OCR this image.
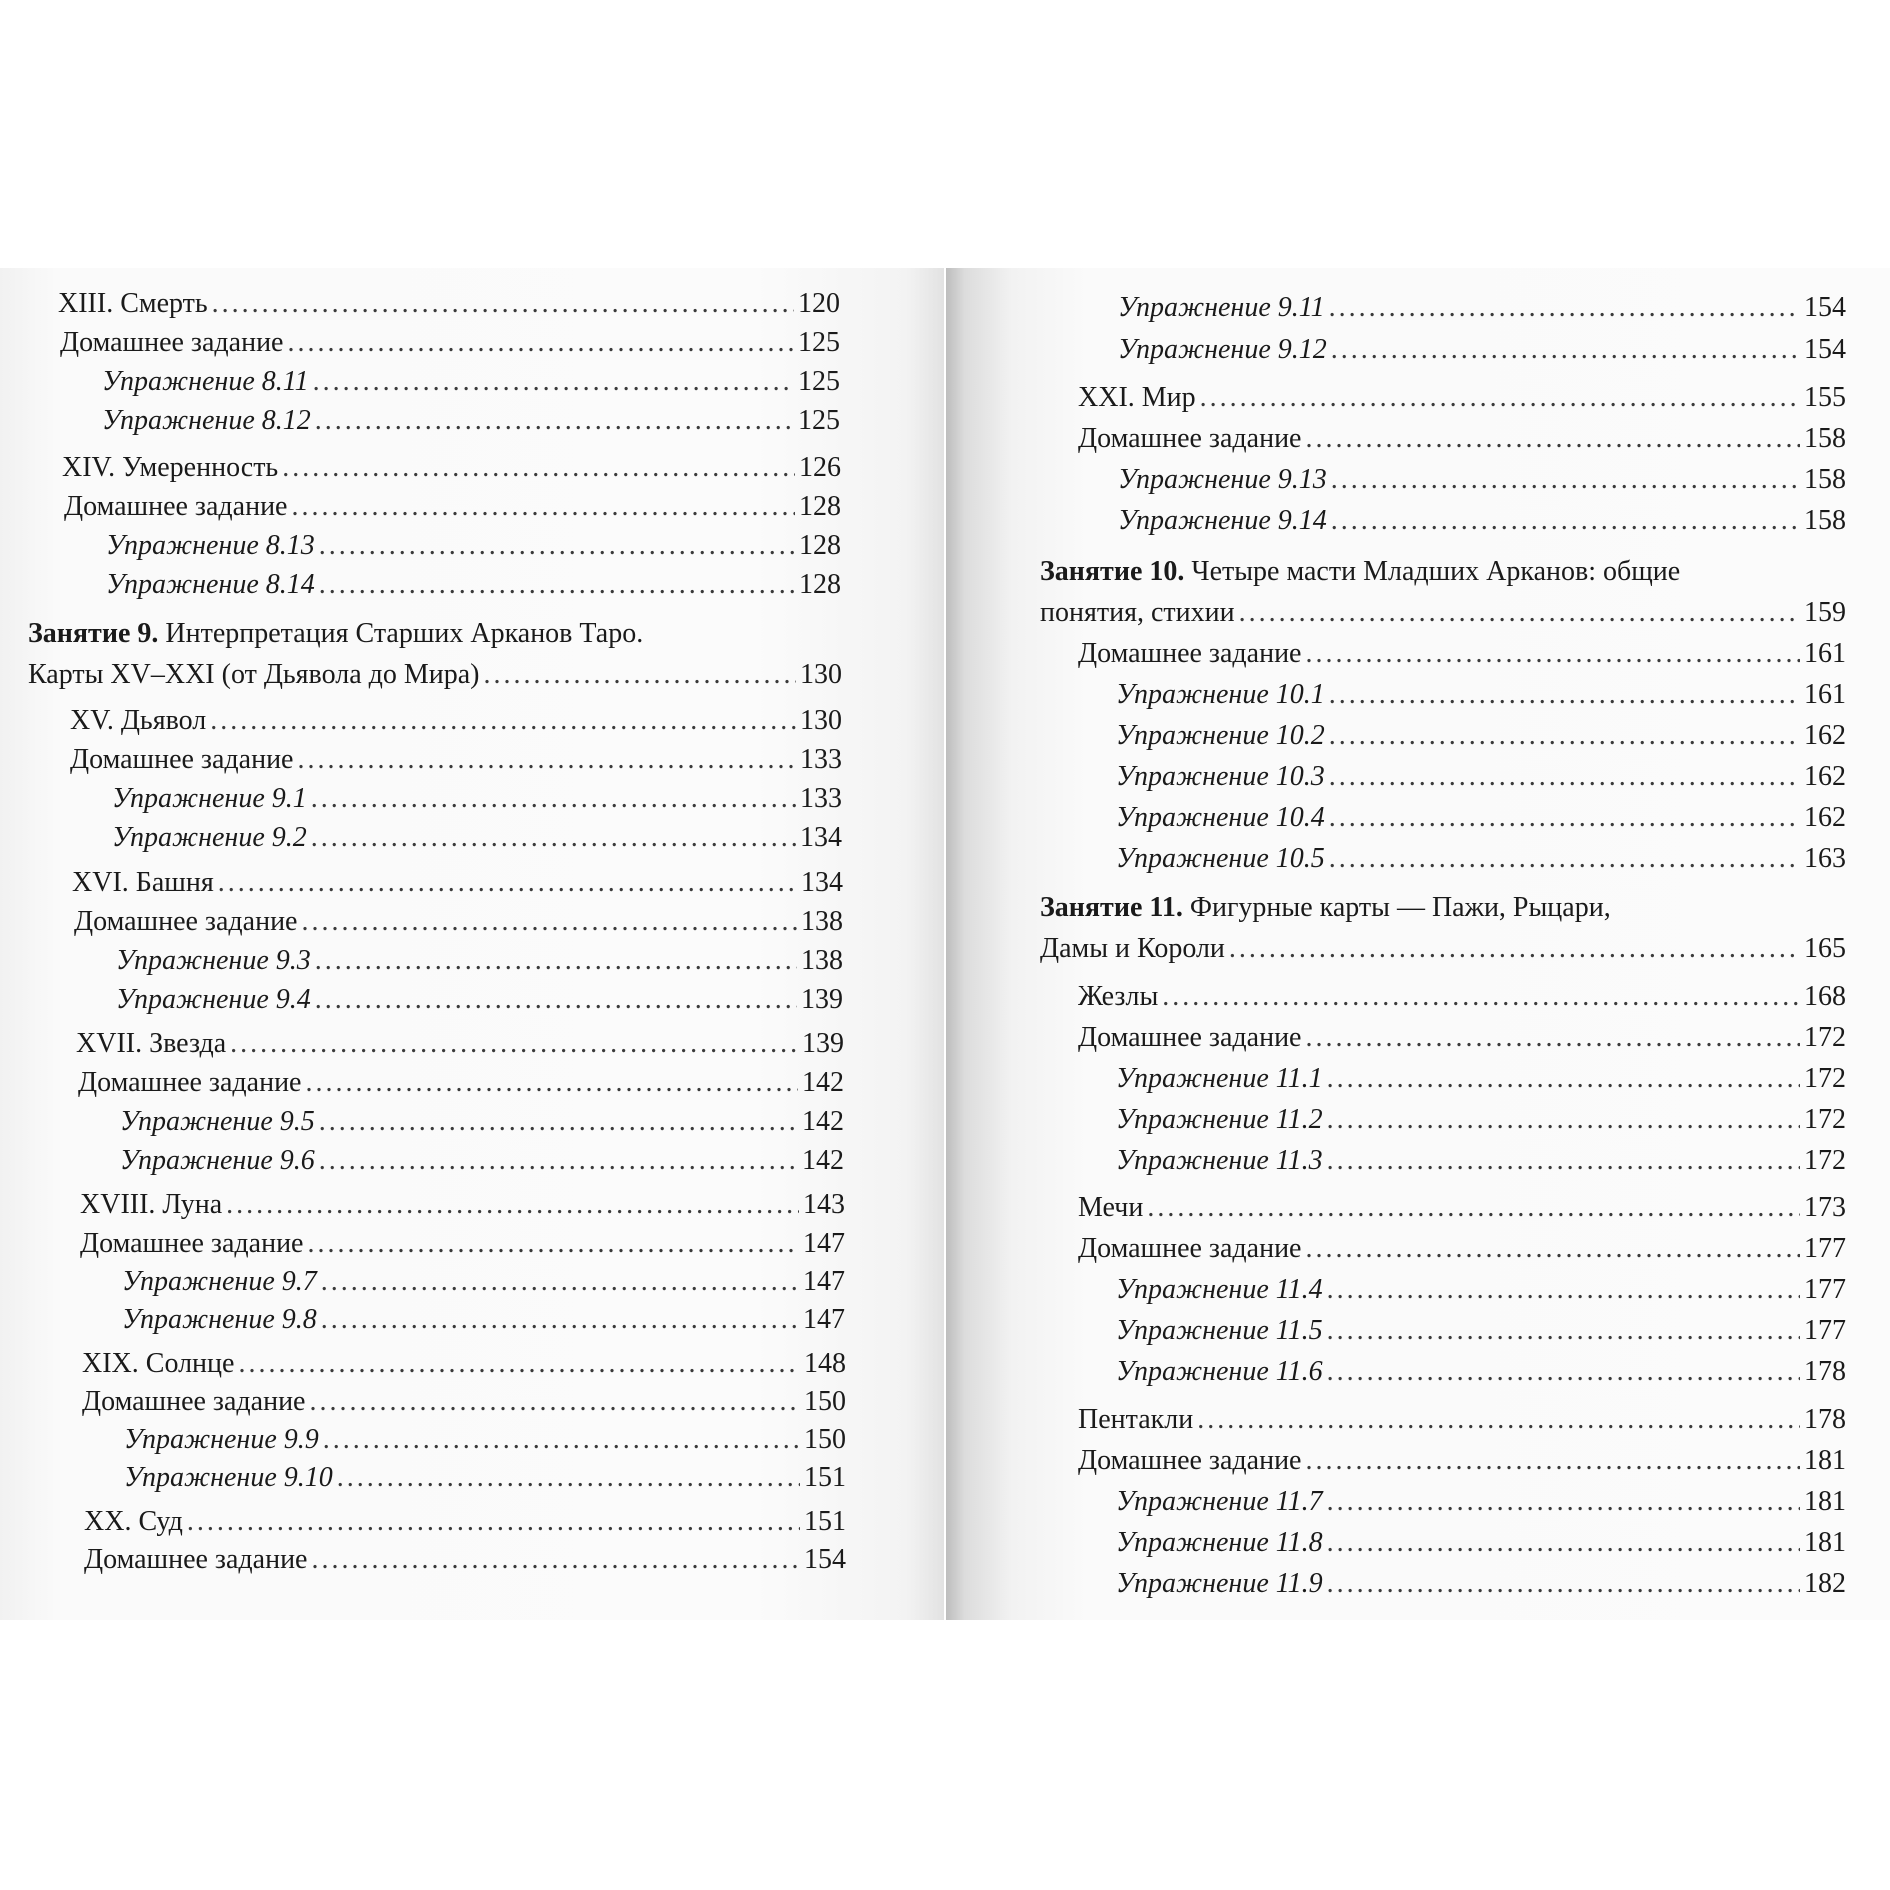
XIII. Смерть .....	120
Домашнее задание .....	125
Упражнение 8.11 .....	125
Упражнение 8.12 .....	125
XIV. Умеренность .....	126
Домашнее задание .....	128
Упражнение 8.13 .....	128
Упражнение 8.14 .....	128
Занятие 9. Интерпретация Старших Арканов Таро.
Карты XV–XXI (от Дьявола до Мира) .....	130
XV. Дьявол .....	130
Домашнее задание .....	133
Упражнение 9.1 .....	133
Упражнение 9.2 .....	134
XVI. Башня .....	134
Домашнее задание .....	138
Упражнение 9.3 .....	138
Упражнение 9.4 .....	139
XVII. Звезда .....	139
Домашнее задание .....	142
Упражнение 9.5 .....	142
Упражнение 9.6 .....	142
XVIII. Луна .....	143
Домашнее задание .....	147
Упражнение 9.7 .....	147
Упражнение 9.8 .....	147
XIX. Солнце .....	148
Домашнее задание .....	150
Упражнение 9.9 .....	150
Упражнение 9.10 .....	151
XX. Суд .....	151
Домашнее задание .....	154
Упражнение 9.11 .....	154
Упражнение 9.12 .....	154
XXI. Мир .....	155
Домашнее задание .....	158
Упражнение 9.13 .....	158
Упражнение 9.14 .....	158
Занятие 10. Четыре масти Младших Арканов: общие
понятия, стихии .....	159
Домашнее задание .....	161
Упражнение 10.1 .....	161
Упражнение 10.2 .....	162
Упражнение 10.3 .....	162
Упражнение 10.4 .....	162
Упражнение 10.5 .....	163
Занятие 11. Фигурные карты — Пажи, Рыцари,
Дамы и Короли .....	165
Жезлы .....	168
Домашнее задание .....	172
Упражнение 11.1 .....	172
Упражнение 11.2 .....	172
Упражнение 11.3 .....	172
Мечи .....	173
Домашнее задание .....	177
Упражнение 11.4 .....	177
Упражнение 11.5 .....	177
Упражнение 11.6 .....	178
Пентакли .....	178
Домашнее задание .....	181
Упражнение 11.7 .....	181
Упражнение 11.8 .....	181
Упражнение 11.9 .....	182
